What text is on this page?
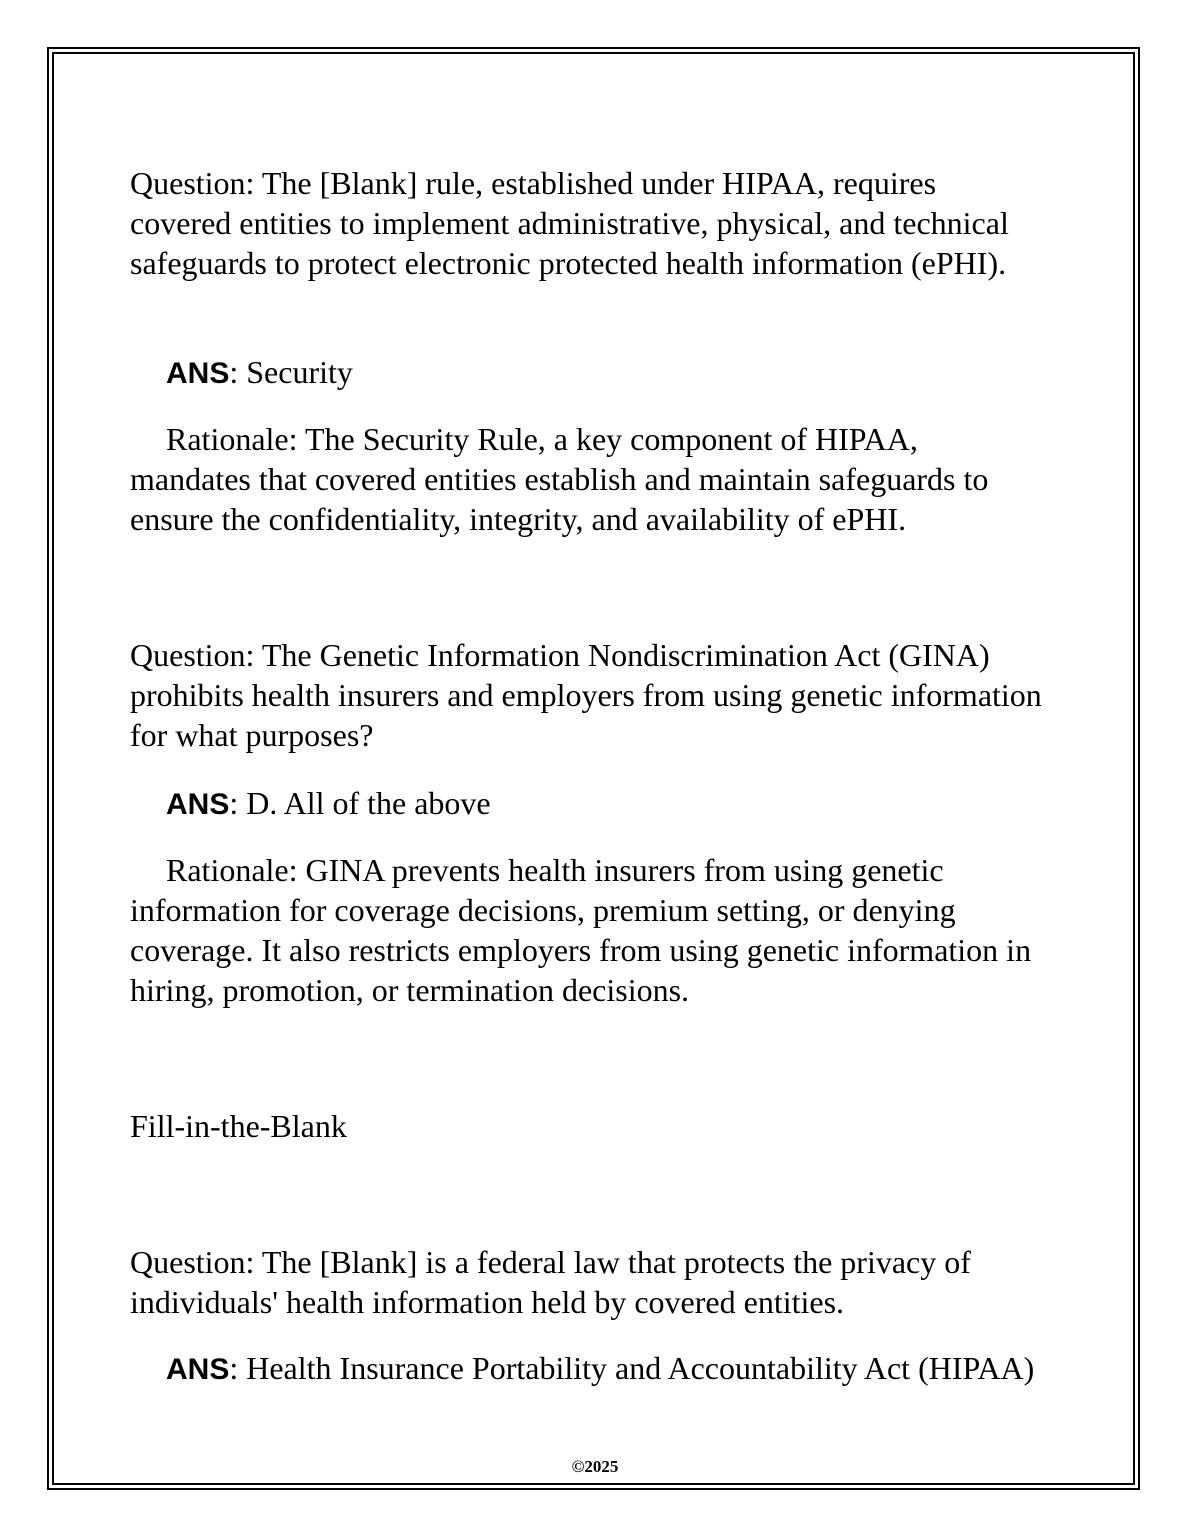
Question: The [Blank] rule, established under HIPAA, requires covered entities to implement administrative, physical, and technical safeguards to protect electronic protected health information (ePHI).
ANS: Security
Rationale: The Security Rule, a key component of HIPAA, mandates that covered entities establish and maintain safeguards to ensure the confidentiality, integrity, and availability of ePHI.
Question: The Genetic Information Nondiscrimination Act (GINA) prohibits health insurers and employers from using genetic information for what purposes?
ANS: D. All of the above
Rationale: GINA prevents health insurers from using genetic information for coverage decisions, premium setting, or denying coverage. It also restricts employers from using genetic information in hiring, promotion, or termination decisions.
Fill-in-the-Blank
Question: The [Blank] is a federal law that protects the privacy of individuals' health information held by covered entities.
ANS: Health Insurance Portability and Accountability Act (HIPAA)
©2025
